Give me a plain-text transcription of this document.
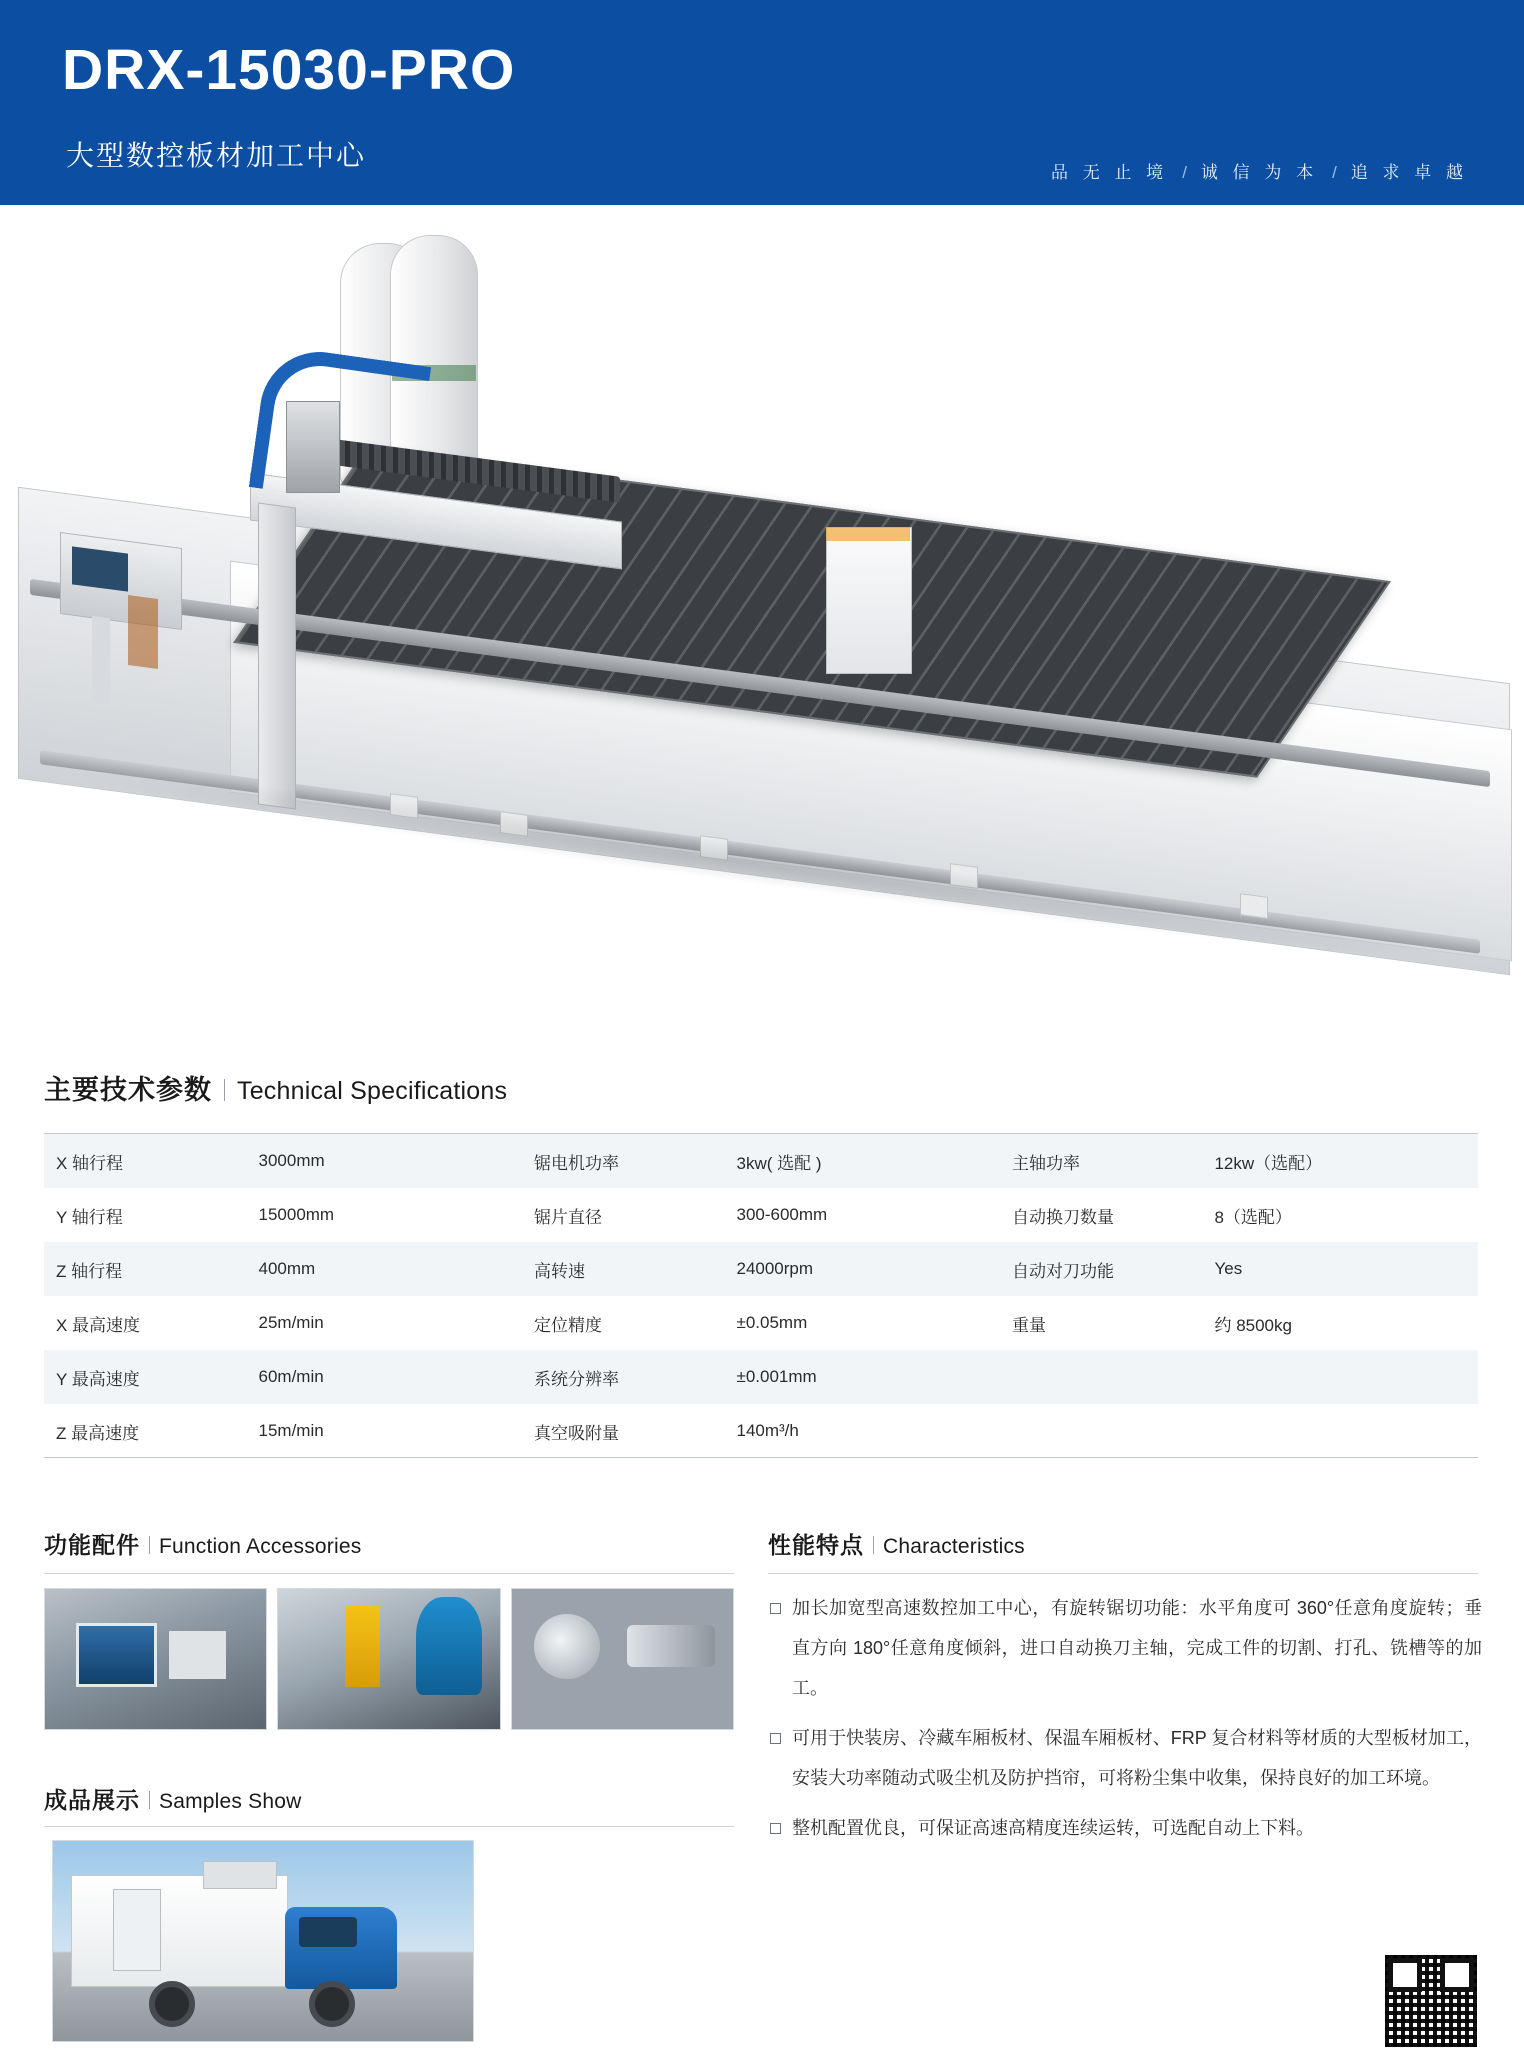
DRX-15030-PRO
大型数控板材加工中心
品 无 止 境 / 诚 信 为 本 / 追 求 卓 越
主要技术参数 Technical Specifications
X 轴行程	3000mm	锯电机功率	3kw( 选配 )	主轴功率	12kw（选配）
Y 轴行程	15000mm	锯片直径	300-600mm	自动换刀数量	8（选配）
Z 轴行程	400mm	高转速	24000rpm	自动对刀功能	Yes
X 最高速度	25m/min	定位精度	±0.05mm	重量	约 8500kg
Y 最高速度	60m/min	系统分辨率	±0.001mm		
Z 最高速度	15m/min	真空吸附量	140m³/h		
功能配件 Function Accessories
成品展示 Samples Show
性能特点 Characteristics
加长加宽型高速数控加工中心，有旋转锯切功能：水平角度可 360°任意角度旋转；垂直方向 180°任意角度倾斜，进口自动换刀主轴，完成工件的切割、打孔、铣槽等的加工。
可用于快装房、冷藏车厢板材、保温车厢板材、FRP 复合材料等材质的大型板材加工，安装大功率随动式吸尘机及防护挡帘，可将粉尘集中收集，保持良好的加工环境。
整机配置优良，可保证高速高精度连续运转，可选配自动上下料。
